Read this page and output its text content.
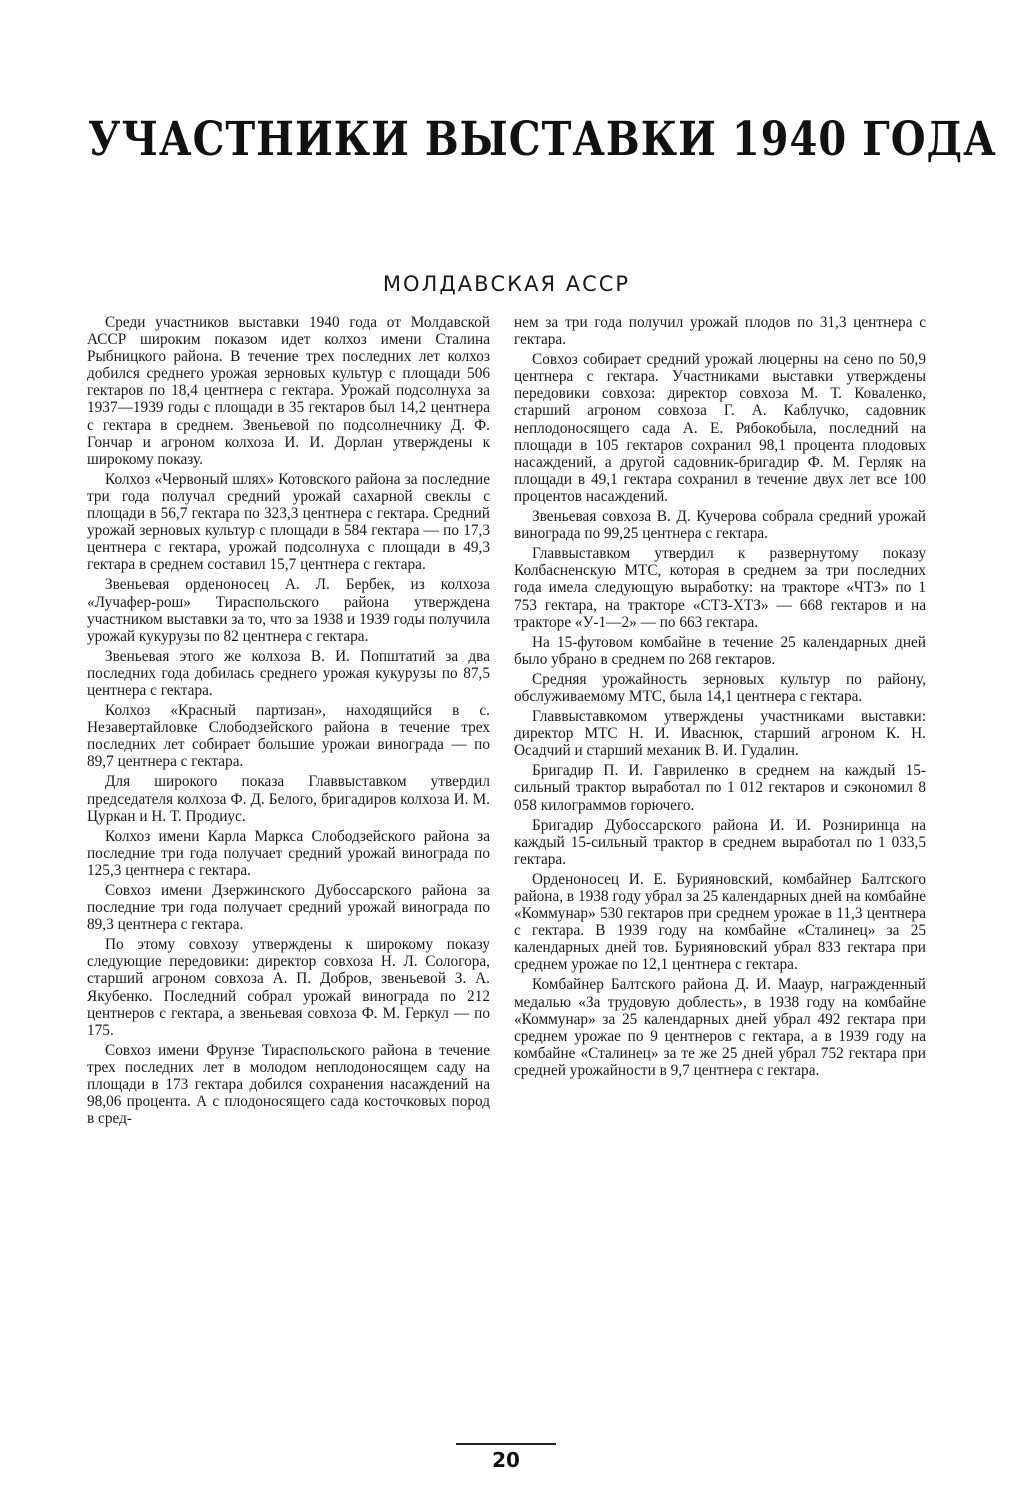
УЧАСТНИКИ ВЫСТАВКИ 1940 ГОДА
МОЛДАВСКАЯ АССР

Среди участников выставки 1940 года от Молдавской АССР широким показом идет колхоз имени Сталина Рыбницкого района. В течение трех последних лет колхоз добился среднего урожая зерновых культур с площади 506 гектаров по 18,4 центнера с гектара. Урожай подсолнуха за 1937—1939 годы с площади в 35 гектаров был 14,2 центнера с гектара в среднем. Звеньевой по подсолнечнику Д. Ф. Гончар и агроном колхоза И. И. Дорлан утверждены к широкому показу.

Колхоз «Червоный шлях» Котовского района за последние три года получал средний урожай сахарной свеклы с площади в 56,7 гектара по 323,3 центнера с гектара. Средний урожай зерновых культур с площади в 584 гектара — по 17,3 центнера с гектара, урожай подсолнуха с площади в 49,3 гектара в среднем составил 15,7 центнера с гектара.

Звеньевая орденоносец А. Л. Бербек, из колхоза «Лучафер-рош» Тираспольского района утверждена участником выставки за то, что за 1938 и 1939 годы получила урожай кукурузы по 82 центнера с гектара.

Звеньевая этого же колхоза В. И. Попштатий за два последних года добилась среднего урожая кукурузы по 87,5 центнера с гектара.

Колхоз «Красный партизан», находящийся в с. Незавертайловке Слободзейского района в течение трех последних лет собирает большие урожаи винограда — по 89,7 центнера с гектара.

Для широкого показа Главвыставком утвердил председателя колхоза Ф. Д. Белого, бригадиров колхоза И. М. Цуркан и Н. Т. Продиус.

Колхоз имени Карла Маркса Слободзейского района за последние три года получает средний урожай винограда по 125,3 центнера с гектара.

Совхоз имени Дзержинского Дубоссарского района за последние три года получает средний урожай винограда по 89,3 центнера с гектара.

По этому совхозу утверждены к широкому показу следующие передовики: директор совхоза Н. Л. Сологора, старший агроном совхоза А. П. Добров, звеньевой З. А. Якубенко. Последний собрал урожай винограда по 212 центнеров с гектара, а звеньевая совхоза Ф. М. Геркул — по 175.

Совхоз имени Фрунзе Тираспольского района в течение трех последних лет в молодом неплодоносящем саду на площади в 173 гектара добился сохранения насаждений на 98,06 процента. А с плодоносящего сада косточковых пород в сред-

нем за три года получил урожай плодов по 31,3 центнера с гектара.

Совхоз собирает средний урожай люцерны на сено по 50,9 центнера с гектара. Участниками выставки утверждены передовики совхоза: директор совхоза М. Т. Коваленко, старший агроном совхоза Г. А. Каблучко, садовник неплодоносящего сада А. Е. Рябокобыла, последний на площади в 105 гектаров сохранил 98,1 процента плодовых насаждений, а другой садовник-бригадир Ф. М. Герляк на площади в 49,1 гектара сохранил в течение двух лет все 100 процентов насаждений.

Звеньевая совхоза В. Д. Кучерова собрала средний урожай винограда по 99,25 центнера с гектара.

Главвыставком утвердил к развернутому показу Колбасненскую МТС, которая в среднем за три последних года имела следующую выработку: на тракторе «ЧТЗ» по 1 753 гектара, на тракторе «СТЗ-ХТЗ» — 668 гектаров и на тракторе «У-1—2» — по 663 гектара.

На 15-футовом комбайне в течение 25 календарных дней было убрано в среднем по 268 гектаров.

Средняя урожайность зерновых культур по району, обслуживаемому МТС, была 14,1 центнера с гектара.

Главвыставкомом утверждены участниками выставки: директор МТС Н. И. Иваснюк, старший агроном К. Н. Осадчий и старший механик В. И. Гудалин.

Бригадир П. И. Гавриленко в среднем на каждый 15-сильный трактор выработал по 1 012 гектаров и сэкономил 8 058 килограммов горючего.

Бригадир Дубоссарского района И. И. Розниринца на каждый 15-сильный трактор в среднем выработал по 1 033,5 гектара.

Орденоносец И. Е. Бурияновский, комбайнер Балтского района, в 1938 году убрал за 25 календарных дней на комбайне «Коммунар» 530 гектаров при среднем урожае в 11,3 центнера с гектара. В 1939 году на комбайне «Сталинец» за 25 календарных дней тов. Бурияновский убрал 833 гектара при среднем урожае по 12,1 центнера с гектара.

Комбайнер Балтского района Д. И. Мааур, награжденный медалью «За трудовую доблесть», в 1938 году на комбайне «Коммунар» за 25 календарных дней убрал 492 гектара при среднем урожае по 9 центнеров с гектара, а в 1939 году на комбайне «Сталинец» за те же 25 дней убрал 752 гектара при средней урожайности в 9,7 центнера с гектара.

20
